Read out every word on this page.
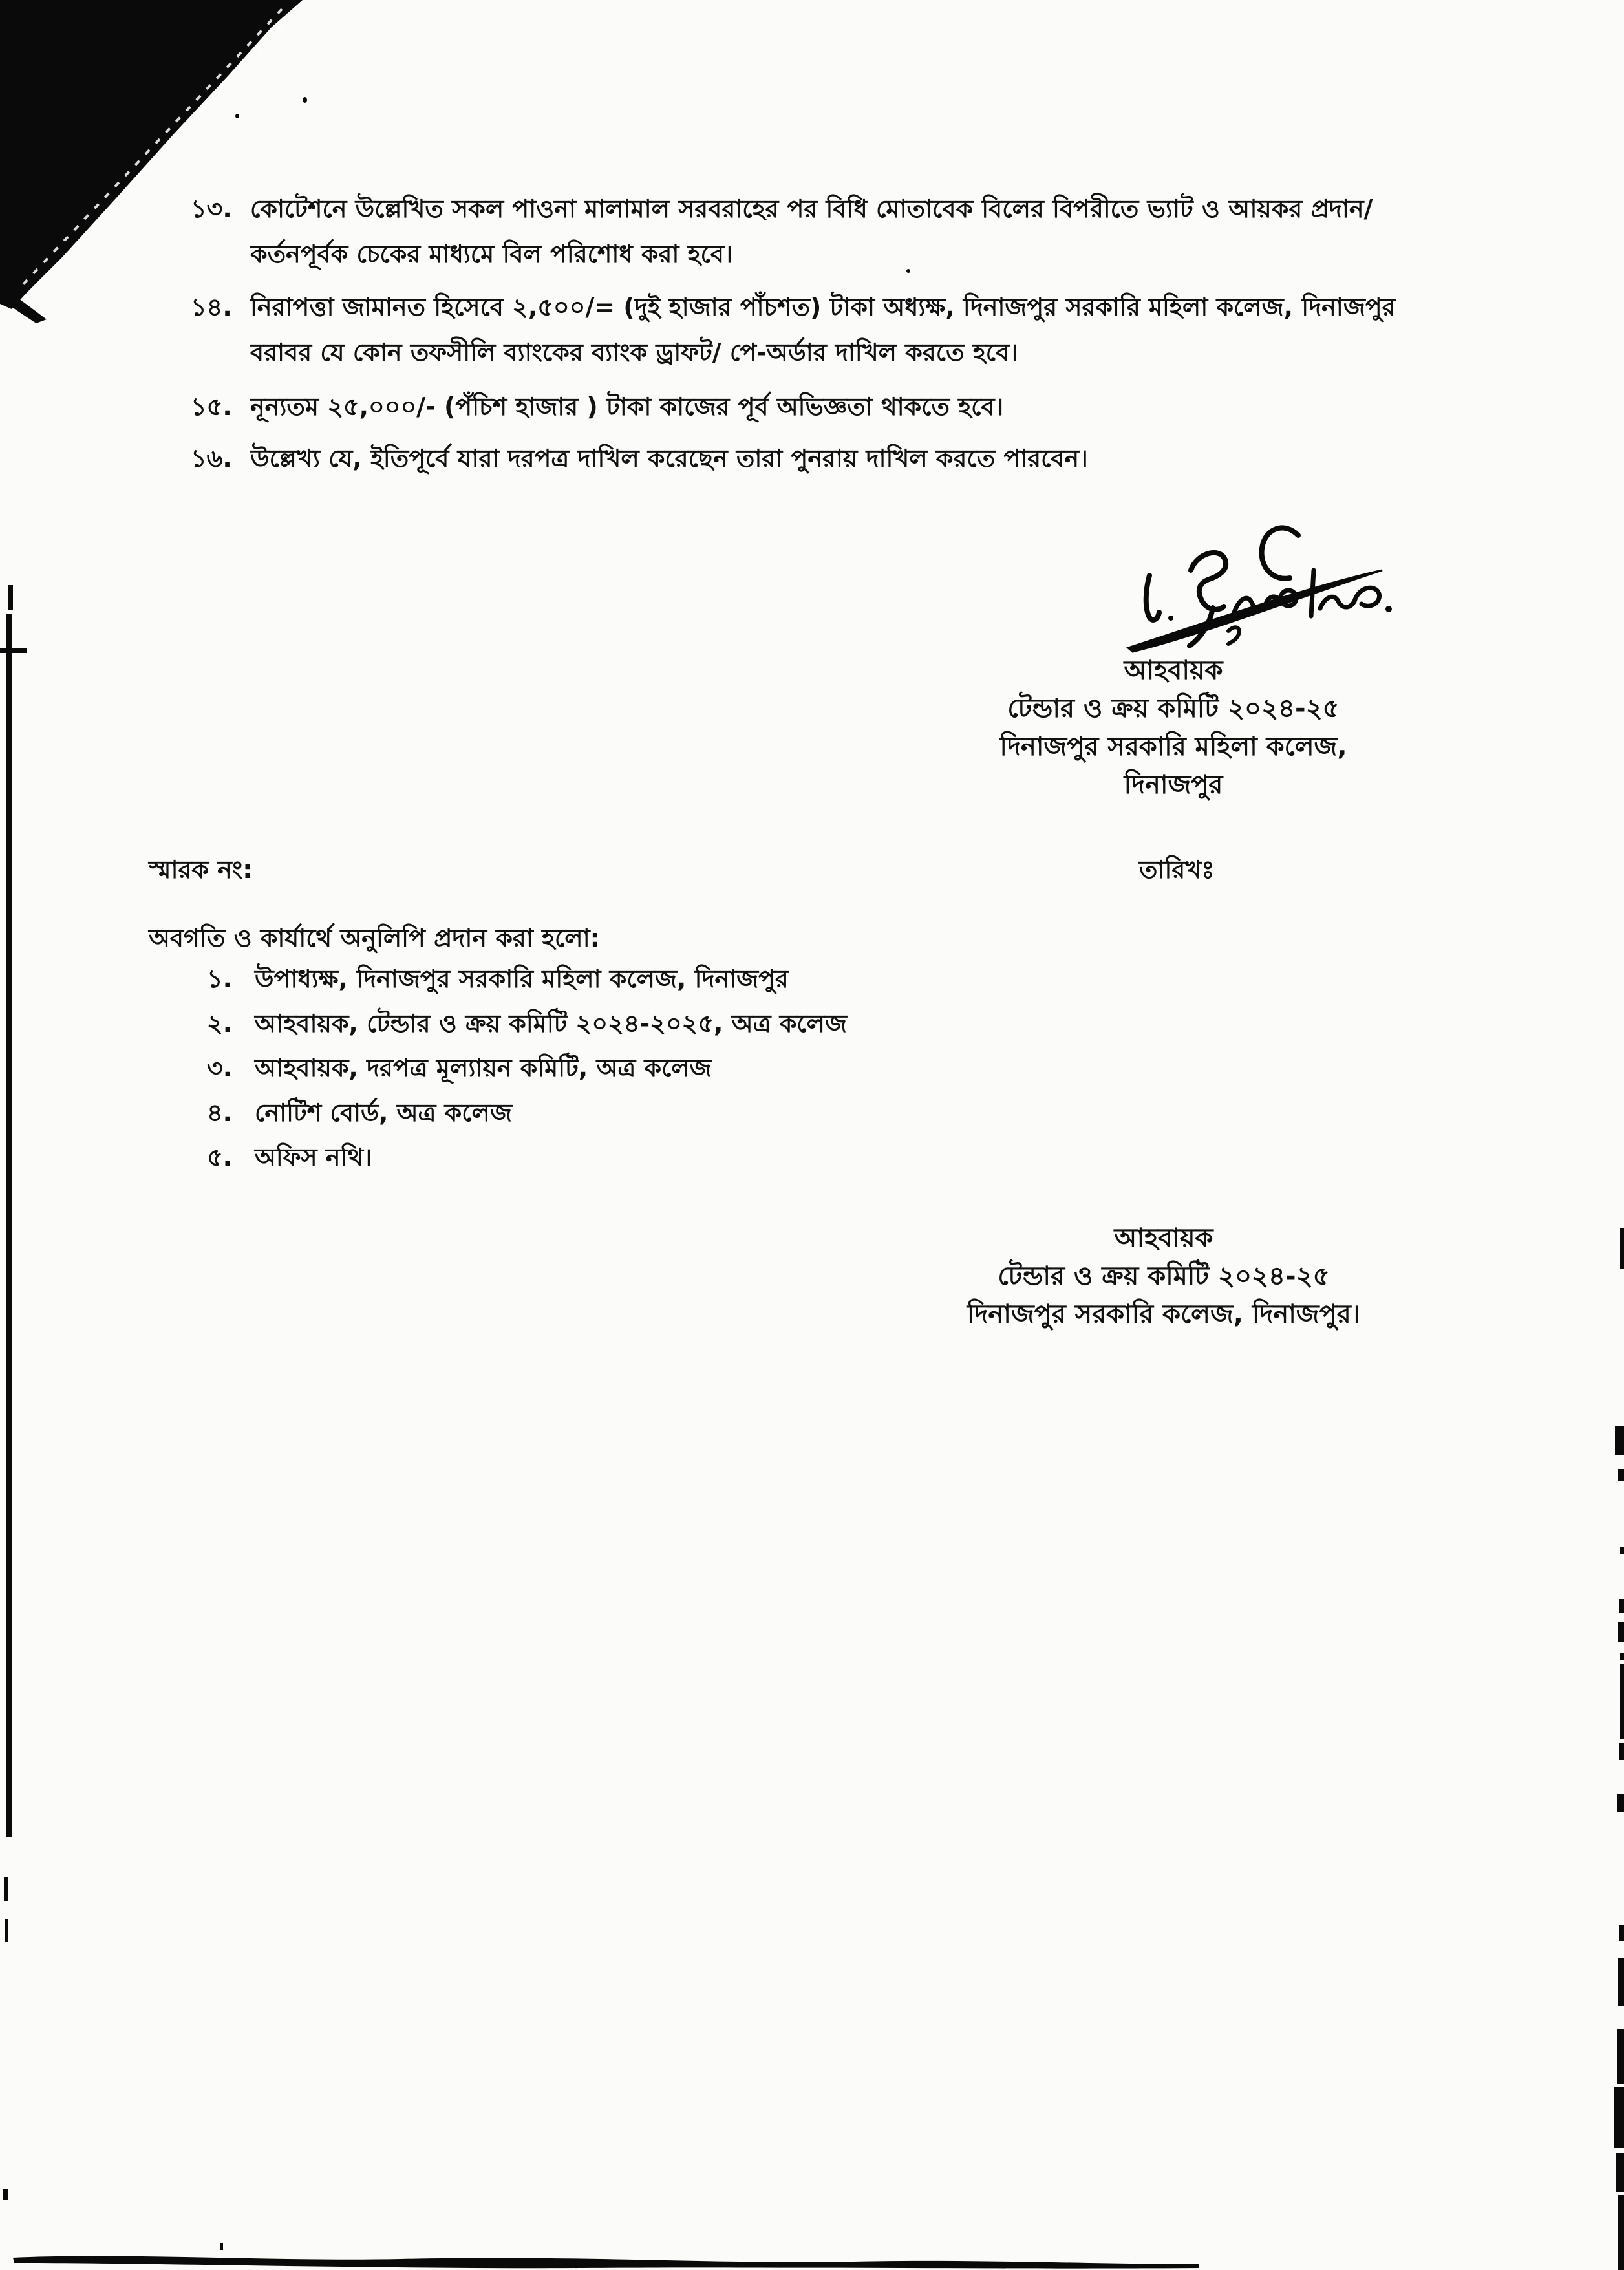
১৩. কোটেশনে উল্লেখিত সকল পাওনা মালামাল সরবরাহের পর বিধি মোতাবেক বিলের বিপরীতে ভ্যাট ও আয়কর প্রদান/
কর্তনপূর্বক চেকের মাধ্যমে বিল পরিশোধ করা হবে।
১৪. নিরাপত্তা জামানত হিসেবে ২,৫০০/= (দুই হাজার পাঁচশত) টাকা অধ্যক্ষ, দিনাজপুর সরকারি মহিলা কলেজ, দিনাজপুর
বরাবর যে কোন তফসীলি ব্যাংকের ব্যাংক ড্রাফট/ পে-অর্ডার দাখিল করতে হবে।
১৫. নূন্যতম ২৫,০০০/- (পঁচিশ হাজার ) টাকা কাজের পূর্ব অভিজ্ঞতা থাকতে হবে।
১৬. উল্লেখ্য যে, ইতিপূর্বে যারা দরপত্র দাখিল করেছেন তারা পুনরায় দাখিল করতে পারবেন।
আহবায়ক
টেন্ডার ও ক্রয় কমিটি ২০২৪-২৫
দিনাজপুর সরকারি মহিলা কলেজ,
দিনাজপুর
স্মারক নং:	তারিখঃ
অবগতি ও কার্যার্থে অনুলিপি প্রদান করা হলো:
১. উপাধ্যক্ষ, দিনাজপুর সরকারি মহিলা কলেজ, দিনাজপুর
২. আহবায়ক, টেন্ডার ও ক্রয় কমিটি ২০২৪-২০২৫, অত্র কলেজ
৩. আহবায়ক, দরপত্র মূল্যায়ন কমিটি, অত্র কলেজ
৪. নোটিশ বোর্ড, অত্র কলেজ
৫. অফিস নথি।
আহবায়ক
টেন্ডার ও ক্রয় কমিটি ২০২৪-২৫
দিনাজপুর সরকারি কলেজ, দিনাজপুর।
